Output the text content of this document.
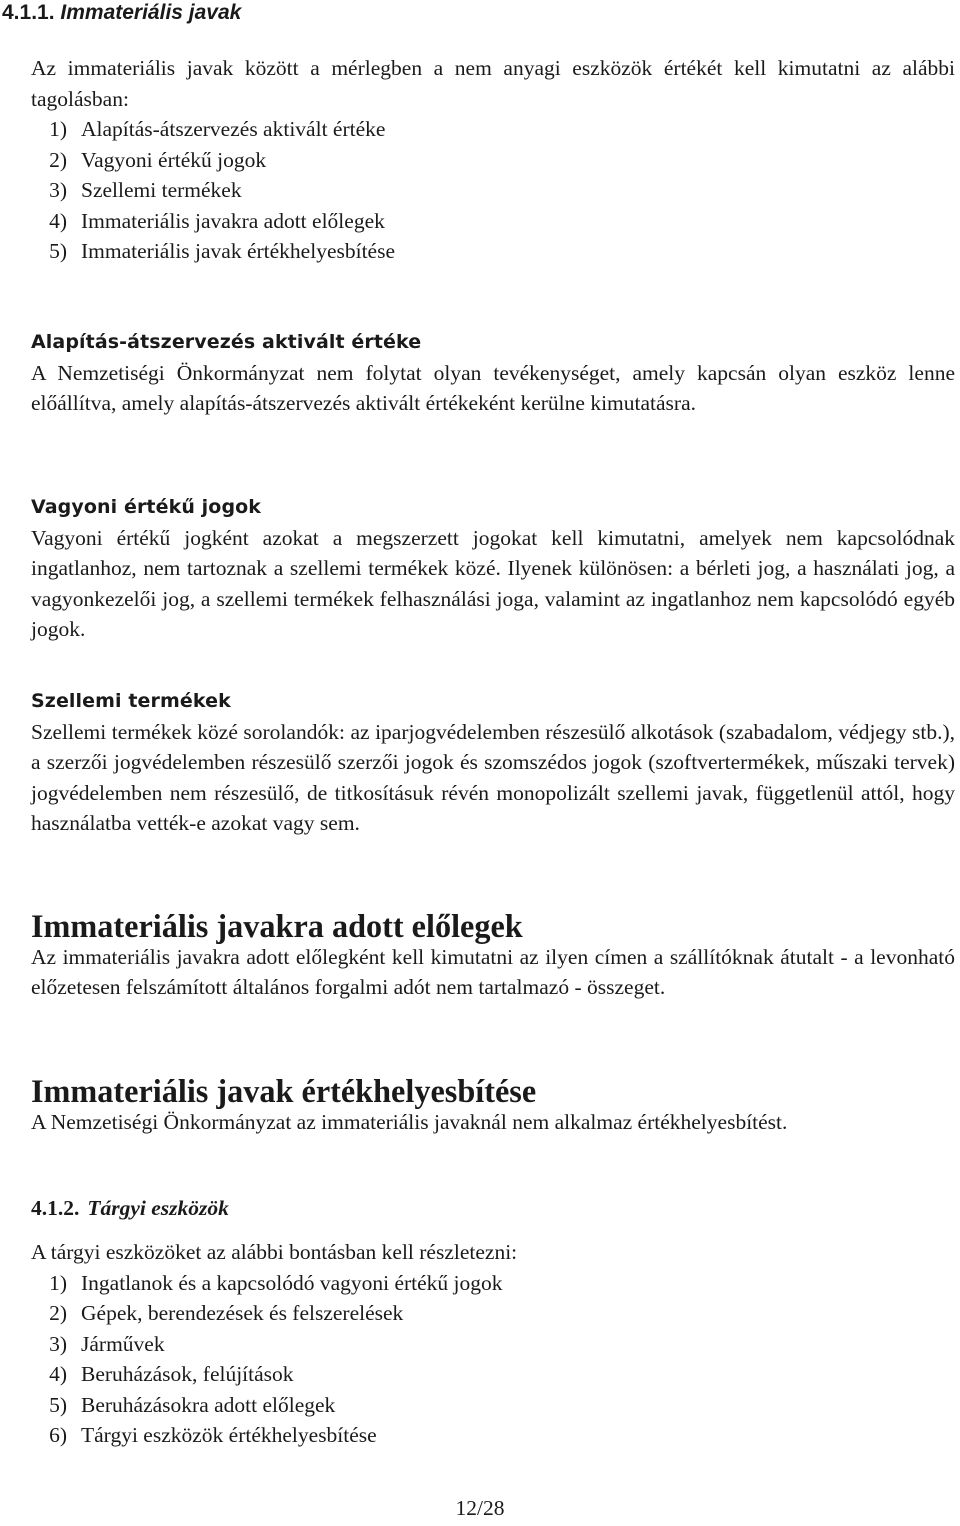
4.1.1. Immateriális javak

Az immateriális javak között a mérlegben a nem anyagi eszközök értékét kell kimutatni az alábbi tagolásban:

1) Alapítás-átszervezés aktivált értéke
2) Vagyoni értékű jogok
3) Szellemi termékek
4) Immateriális javakra adott előlegek
5) Immateriális javak értékhelyesbítése
Alapítás-átszervezés aktivált értéke

A Nemzetiségi Önkormányzat nem folytat olyan tevékenységet, amely kapcsán olyan eszköz lenne előállítva, amely alapítás-átszervezés aktivált értékeként kerülne kimutatásra.

Vagyoni értékű jogok

Vagyoni értékű jogként azokat a megszerzett jogokat kell kimutatni, amelyek nem kapcsolódnak ingatlanhoz, nem tartoznak a szellemi termékek közé. Ilyenek különösen: a bérleti jog, a használati jog, a vagyonkezelői jog, a szellemi termékek felhasználási joga, valamint az ingatlanhoz nem kapcsolódó egyéb jogok.

Szellemi termékek

Szellemi termékek közé sorolandók: az iparjogvédelemben részesülő alkotások (szabadalom, védjegy stb.), a szerzői jogvédelemben részesülő szerzői jogok és szomszédos jogok (szoftvertermékek, műszaki tervek) jogvédelemben nem részesülő, de titkosításuk révén monopolizált szellemi javak, függetlenül attól, hogy használatba vették-e azokat vagy sem.

Immateriális javakra adott előlegek

Az immateriális javakra adott előlegként kell kimutatni az ilyen címen a szállítóknak átutalt - a levonható előzetesen felszámított általános forgalmi adót nem tartalmazó - összeget.

Immateriális javak értékhelyesbítése

A Nemzetiségi Önkormányzat az immateriális javaknál nem alkalmaz értékhelyesbítést.

4.1.2. Tárgyi eszközök

A tárgyi eszközöket az alábbi bontásban kell részletezni:

1) Ingatlanok és a kapcsolódó vagyoni értékű jogok
2) Gépek, berendezések és felszerelések
3) Járművek
4) Beruházások, felújítások
5) Beruházásokra adott előlegek
6) Tárgyi eszközök értékhelyesbítése
12/28
